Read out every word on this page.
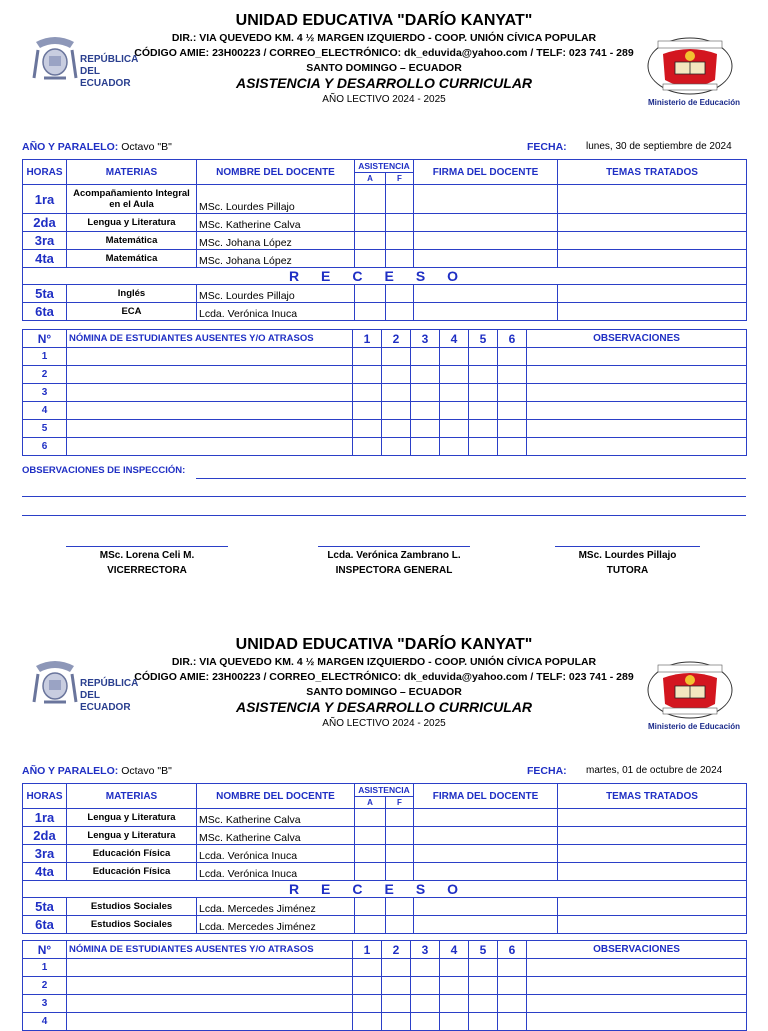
REPÚBLICA
DEL ECUADOR
UNIDAD EDUCATIVA "DARÍO KANYAT"
DIR.: VIA QUEVEDO KM. 4 ½ MARGEN IZQUIERDO - COOP. UNIÓN CÍVICA POPULAR
CÓDIGO AMIE: 23H00223 / CORREO_ELECTRÓNICO: dk_eduvida@yahoo.com / TELF: 023 741 - 289
SANTO DOMINGO – ECUADOR
ASISTENCIA Y DESARROLLO CURRICULAR
AÑO LECTIVO 2024 - 2025	Ministerio de Educación
AÑO Y PARALELO: Octavo "B"	FECHA: lunes, 30 de septiembre de 2024
HORAS	MATERIAS	NOMBRE DEL DOCENTE	ASISTENCIA		FIRMA DEL DOCENTE	TEMAS TRATADOS
			A	F		
1ra	Acompañamiento Integral en el Aula	MSc. Lourdes Pillajo				
2da	Lengua y Literatura	MSc. Katherine Calva				
3ra	Matemática	MSc. Johana López				
4ta	Matemática	MSc. Johana López				
RECESO						
5ta	Inglés	MSc. Lourdes Pillajo				
6ta	ECA	Lcda. Verónica Inuca				
N°	NÓMINA DE ESTUDIANTES AUSENTES Y/O ATRASOS	1	2	3	4	5	6	OBSERVACIONES
1								
2								
3								
4								
5								
6								
OBSERVACIONES DE INSPECCIÓN:
MSc. Lorena Celi M.
VICERRECTORA
Lcda. Verónica Zambrano L.
INSPECTORA GENERAL
MSc. Lourdes Pillajo
TUTORA
REPÚBLICA
DEL ECUADOR
UNIDAD EDUCATIVA "DARÍO KANYAT"
DIR.: VIA QUEVEDO KM. 4 ½ MARGEN IZQUIERDO - COOP. UNIÓN CÍVICA POPULAR
CÓDIGO AMIE: 23H00223 / CORREO_ELECTRÓNICO: dk_eduvida@yahoo.com / TELF: 023 741 - 289
SANTO DOMINGO – ECUADOR
ASISTENCIA Y DESARROLLO CURRICULAR
AÑO LECTIVO 2024 - 2025	Ministerio de Educación
AÑO Y PARALELO: Octavo "B"	FECHA: martes, 01 de octubre de 2024
HORAS	MATERIAS	NOMBRE DEL DOCENTE	ASISTENCIA		FIRMA DEL DOCENTE	TEMAS TRATADOS
			A	F		
1ra	Lengua y Literatura	MSc. Katherine Calva				
2da	Lengua y Literatura	MSc. Katherine Calva				
3ra	Educación Física	Lcda. Verónica Inuca				
4ta	Educación Física	Lcda. Verónica Inuca				
RECESO						
5ta	Estudios Sociales	Lcda. Mercedes Jiménez				
6ta	Estudios Sociales	Lcda. Mercedes Jiménez				
N°	NÓMINA DE ESTUDIANTES AUSENTES Y/O ATRASOS	1	2	3	4	5	6	OBSERVACIONES
1								
2								
3								
4								
